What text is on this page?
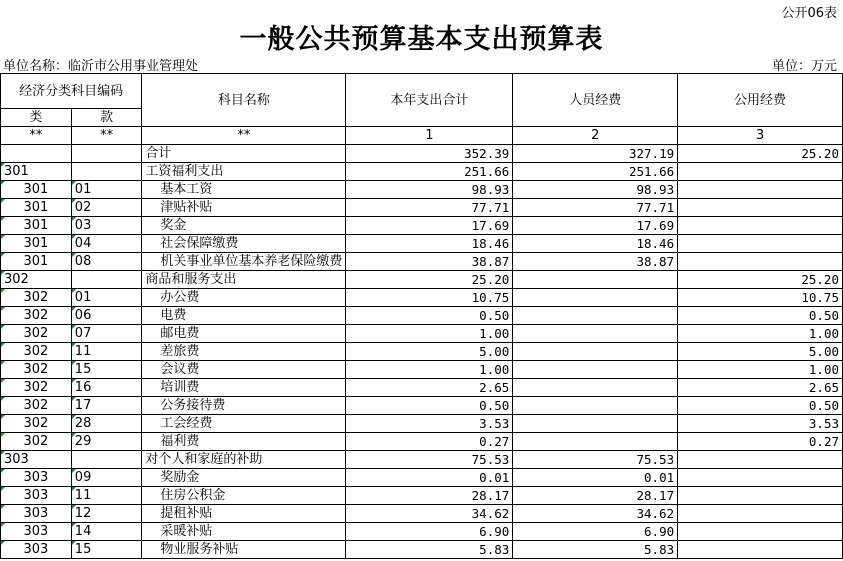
公开06表
一般公共预算基本支出预算表
单位名称：临沂市公用事业管理处	单位：万元
经济分类科目编码		科目名称	本年支出合计	人员经费	公用经费
类	款				
**	**	**	1	2	3
		合计	352.39	327.19	25.20
301		工资福利支出	251.66	251.66	
301	01	基本工资	98.93	98.93	
301	02	津贴补贴	77.71	77.71	
301	03	奖金	17.69	17.69	
301	04	社会保障缴费	18.46	18.46	
301	08	机关事业单位基本养老保险缴费	38.87	38.87	
302		商品和服务支出	25.20		25.20
302	01	办公费	10.75		10.75
302	06	电费	0.50		0.50
302	07	邮电费	1.00		1.00
302	11	差旅费	5.00		5.00
302	15	会议费	1.00		1.00
302	16	培训费	2.65		2.65
302	17	公务接待费	0.50		0.50
302	28	工会经费	3.53		3.53
302	29	福利费	0.27		0.27
303		对个人和家庭的补助	75.53	75.53	
303	09	奖励金	0.01	0.01	
303	11	住房公积金	28.17	28.17	
303	12	提租补贴	34.62	34.62	
303	14	采暖补贴	6.90	6.90	
303	15	物业服务补贴	5.83	5.83	
